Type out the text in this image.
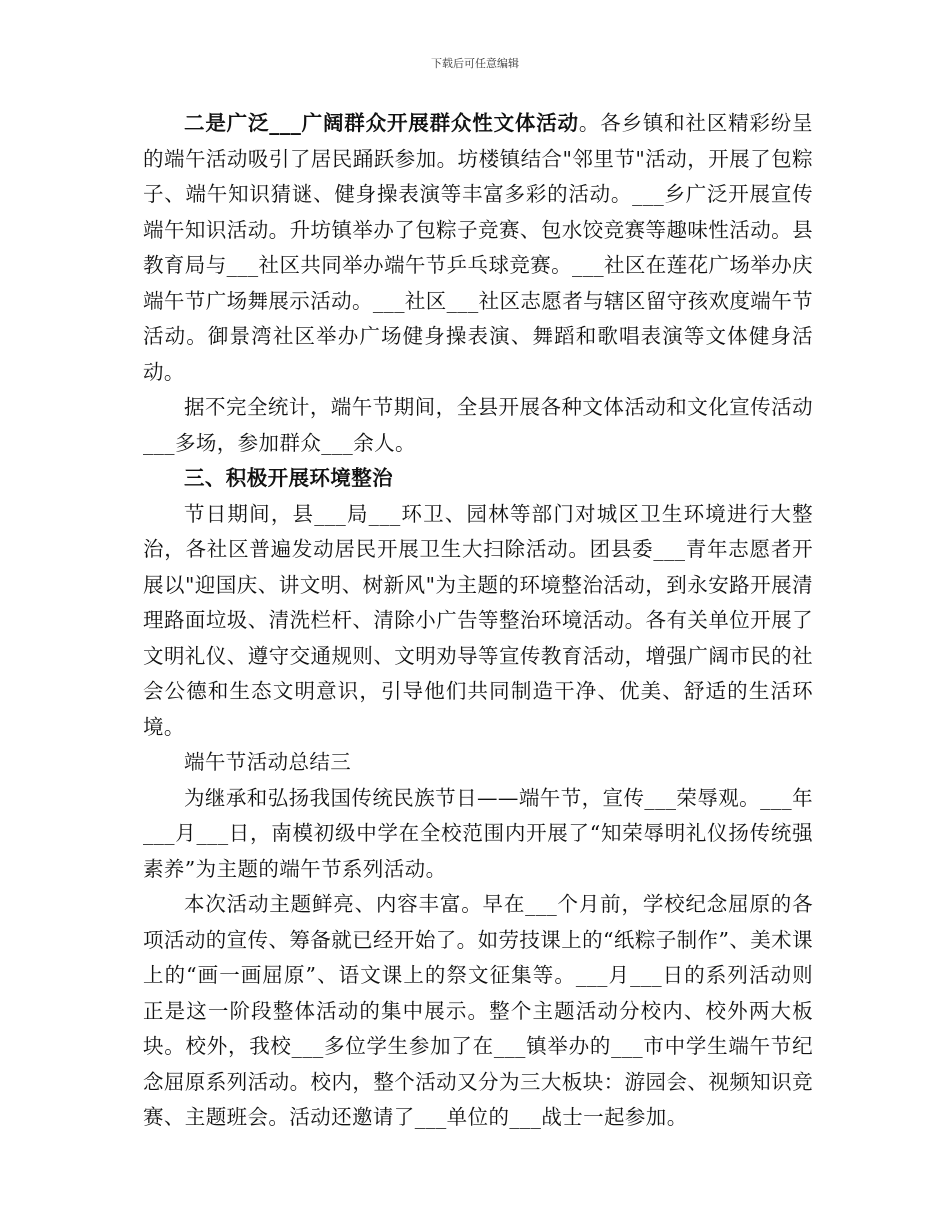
下载后可任意编辑

二是广泛___广阔群众开展群众性文体活动。各乡镇和社区精彩纷呈的端午活动吸引了居民踊跃参加。坊楼镇结合"邻里节"活动，开展了包粽子、端午知识猜谜、健身操表演等丰富多彩的活动。___乡广泛开展宣传端午知识活动。升坊镇举办了包粽子竞赛、包水饺竞赛等趣味性活动。县教育局与___社区共同举办端午节乒乓球竞赛。___社区在莲花广场举办庆端午节广场舞展示活动。___社区___社区志愿者与辖区留守孩欢度端午节活动。御景湾社区举办广场健身操表演、舞蹈和歌唱表演等文体健身活动。

据不完全统计，端午节期间，全县开展各种文体活动和文化宣传活动___多场，参加群众___余人。

三、积极开展环境整治

节日期间，县___局___环卫、园林等部门对城区卫生环境进行大整治，各社区普遍发动居民开展卫生大扫除活动。团县委___青年志愿者开展以"迎国庆、讲文明、树新风"为主题的环境整治活动，到永安路开展清理路面垃圾、清洗栏杆、清除小广告等整治环境活动。各有关单位开展了文明礼仪、遵守交通规则、文明劝导等宣传教育活动，增强广阔市民的社会公德和生态文明意识，引导他们共同制造干净、优美、舒适的生活环境。

端午节活动总结三

为继承和弘扬我国传统民族节日——端午节，宣传___荣辱观。___年___月___日，南模初级中学在全校范围内开展了“知荣辱明礼仪扬传统强素养”为主题的端午节系列活动。

本次活动主题鲜亮、内容丰富。早在___个月前，学校纪念屈原的各项活动的宣传、筹备就已经开始了。如劳技课上的“纸粽子制作”、美术课上的“画一画屈原”、语文课上的祭文征集等。___月___日的系列活动则正是这一阶段整体活动的集中展示。整个主题活动分校内、校外两大板块。校外，我校___多位学生参加了在___镇举办的___市中学生端午节纪念屈原系列活动。校内，整个活动又分为三大板块：游园会、视频知识竞赛、主题班会。活动还邀请了___单位的___战士一起参加。
